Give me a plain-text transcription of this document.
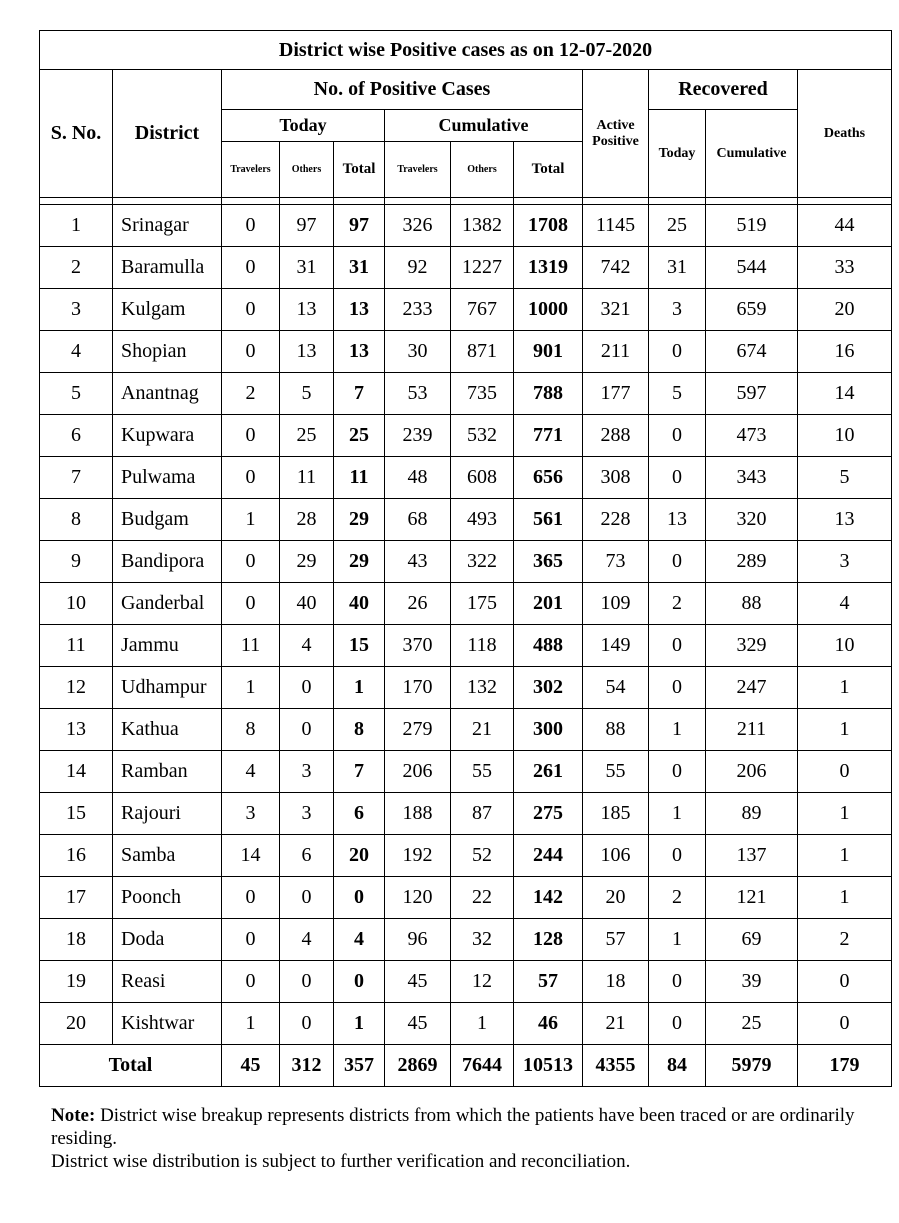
District wise Positive cases as on 12-07-2020											
S. No.	District	No. of Positive Cases						Active Positive	Recovered		Deaths
		Today			Cumulative				Today	Cumulative	
		Travelers	Others	Total	Travelers	Others	Total				

1	Srinagar	0	97	97	326	1382	1708	1145	25	519	44
2	Baramulla	0	31	31	92	1227	1319	742	31	544	33
3	Kulgam	0	13	13	233	767	1000	321	3	659	20
4	Shopian	0	13	13	30	871	901	211	0	674	16
5	Anantnag	2	5	7	53	735	788	177	5	597	14
6	Kupwara	0	25	25	239	532	771	288	0	473	10
7	Pulwama	0	11	11	48	608	656	308	0	343	5
8	Budgam	1	28	29	68	493	561	228	13	320	13
9	Bandipora	0	29	29	43	322	365	73	0	289	3
10	Ganderbal	0	40	40	26	175	201	109	2	88	4
11	Jammu	11	4	15	370	118	488	149	0	329	10
12	Udhampur	1	0	1	170	132	302	54	0	247	1
13	Kathua	8	0	8	279	21	300	88	1	211	1
14	Ramban	4	3	7	206	55	261	55	0	206	0
15	Rajouri	3	3	6	188	87	275	185	1	89	1
16	Samba	14	6	20	192	52	244	106	0	137	1
17	Poonch	0	0	0	120	22	142	20	2	121	1
18	Doda	0	4	4	96	32	128	57	1	69	2
19	Reasi	0	0	0	45	12	57	18	0	39	0
20	Kishtwar	1	0	1	45	1	46	21	0	25	0
Total		45	312	357	2869	7644	10513	4355	84	5979	179

Note: District wise breakup represents districts from which the patients have been traced or are ordinarily residing.

District wise distribution is subject to further verification and reconciliation.
